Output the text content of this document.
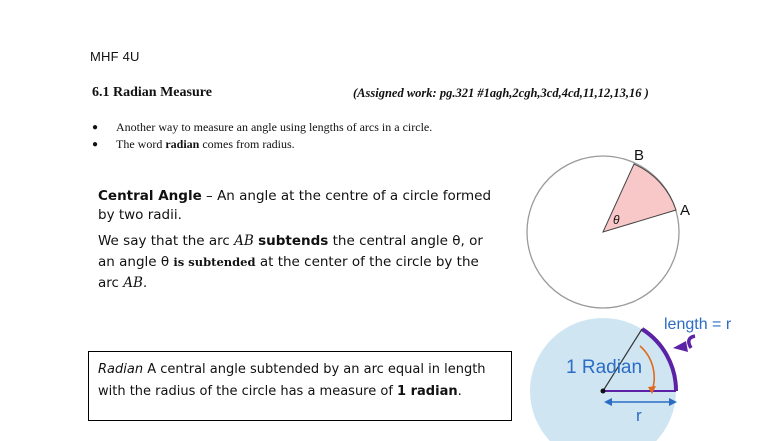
MHF 4U
6.1 Radian Measure	(Assigned work: pg.321 #1agh,2cgh,3cd,4cd,11,12,13,16 )
●	Another way to measure an angle using lengths of arcs in a circle.
●	The word radian comes from radius.
Central Angle – An angle at the centre of a circle formed by two radii.
We say that the arc AB subtends the central angle θ, or an angle θ is subtended at the center of the circle by the arc AB.
Radian A central angle subtended by an arc equal in length with the radius of the circle has a measure of 1 radian.
B
A
θ
length = r
1 Radian
r
